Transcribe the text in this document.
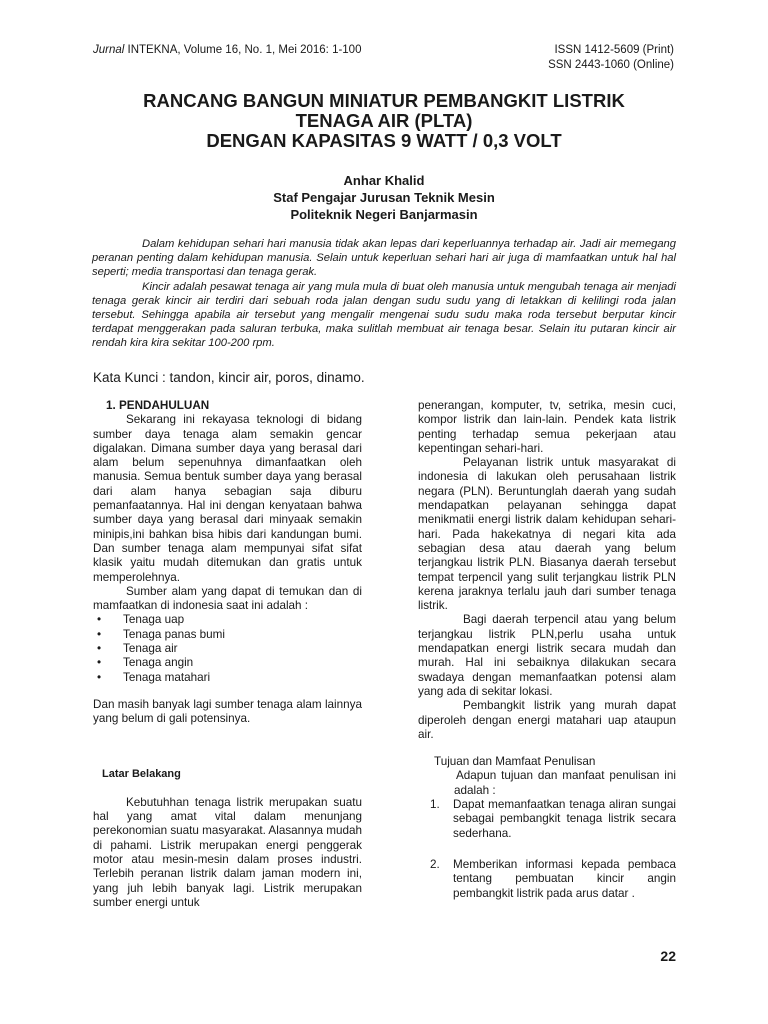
Jurnal INTEKNA, Volume 16, No. 1, Mei 2016: 1-100	ISSN 1412-5609 (Print)
SSN 2443-1060 (Online)
RANCANG BANGUN MINIATUR PEMBANGKIT LISTRIK
TENAGA AIR (PLTA)
DENGAN KAPASITAS 9 WATT / 0,3 VOLT
Anhar Khalid
Staf Pengajar Jurusan Teknik Mesin
Politeknik Negeri Banjarmasin

Dalam kehidupan sehari hari manusia tidak akan lepas dari keperluannya terhadap air. Jadi air memegang peranan penting dalam kehidupan manusia. Selain untuk keperluan sehari hari air juga di mamfaatkan untuk hal hal seperti; media transportasi dan tenaga gerak.

Kincir adalah pesawat tenaga air yang mula mula di buat oleh manusia untuk mengubah tenaga air menjadi tenaga gerak kincir air terdiri dari sebuah roda jalan dengan sudu sudu yang di letakkan di kelilingi roda jalan tersebut. Sehingga apabila air tersebut yang mengalir mengenai sudu sudu maka roda tersebut berputar kincir terdapat menggerakan pada saluran terbuka, maka sulitlah membuat air tenaga besar. Selain itu putaran kincir air rendah kira kira sekitar 100-200 rpm.

Kata Kunci : tandon, kincir air, poros, dinamo.

1. PENDAHULUAN

Sekarang ini rekayasa teknologi di bidang sumber daya tenaga alam semakin gencar digalakan. Dimana sumber daya yang berasal dari alam belum sepenuhnya dimanfaatkan oleh manusia. Semua bentuk sumber daya yang berasal dari alam hanya sebagian saja diburu pemanfaatannya. Hal ini dengan kenyataan bahwa sumber daya yang berasal dari minyaak semakin minipis,ini bahkan bisa hibis dari kandungan bumi. Dan sumber tenaga alam mempunyai sifat sifat klasik yaitu mudah ditemukan dan gratis untuk memperolehnya.

Sumber alam yang dapat di temukan dan di mamfaatkan di indonesia saat ini adalah :

• Tenaga uap
• Tenaga panas bumi
• Tenaga air
• Tenaga angin
• Tenaga matahari

Dan masih banyak lagi sumber tenaga alam lainnya yang belum di gali potensinya.

Latar Belakang

Kebutuhhan tenaga listrik merupakan suatu hal yang amat vital dalam menunjang perekonomian suatu masyarakat. Alasannya mudah di pahami. Listrik merupakan energi penggerak motor atau mesin-mesin dalam proses industri. Terlebih peranan listrik dalam jaman modern ini, yang juh lebih banyak lagi. Listrik merupakan sumber energi untuk

penerangan, komputer, tv, setrika, mesin cuci, kompor listrik dan lain-lain. Pendek kata listrik penting terhadap semua pekerjaan atau kepentingan sehari-hari.

Pelayanan listrik untuk masyarakat di indonesia di lakukan oleh perusahaan listrik negara (PLN). Beruntunglah daerah yang sudah mendapatkan pelayanan sehingga dapat menikmatii energi listrik dalam kehidupan sehari-hari. Pada hakekatnya di negari kita ada sebagian desa atau daerah yang belum terjangkau listrik PLN. Biasanya daerah tersebut tempat terpencil yang sulit terjangkau listrik PLN kerena jaraknya terlalu jauh dari sumber tenaga listrik.

Bagi daerah terpencil atau yang belum terjangkau listrik PLN,perlu usaha untuk mendapatkan energi listrik secara mudah dan murah. Hal ini sebaiknya dilakukan secara swadaya dengan memanfaatkan potensi alam yang ada di sekitar lokasi.

Pembangkit listrik yang murah dapat diperoleh dengan energi matahari uap ataupun air.

Tujuan dan Mamfaat Penulisan

Adapun tujuan dan manfaat penulisan ini adalah :

1. Dapat memanfaatkan tenaga aliran sungai sebagai pembangkit tenaga listrik secara sederhana.
2. Memberikan informasi kepada pembaca tentang pembuatan kincir angin pembangkit listrik pada arus datar .
22
